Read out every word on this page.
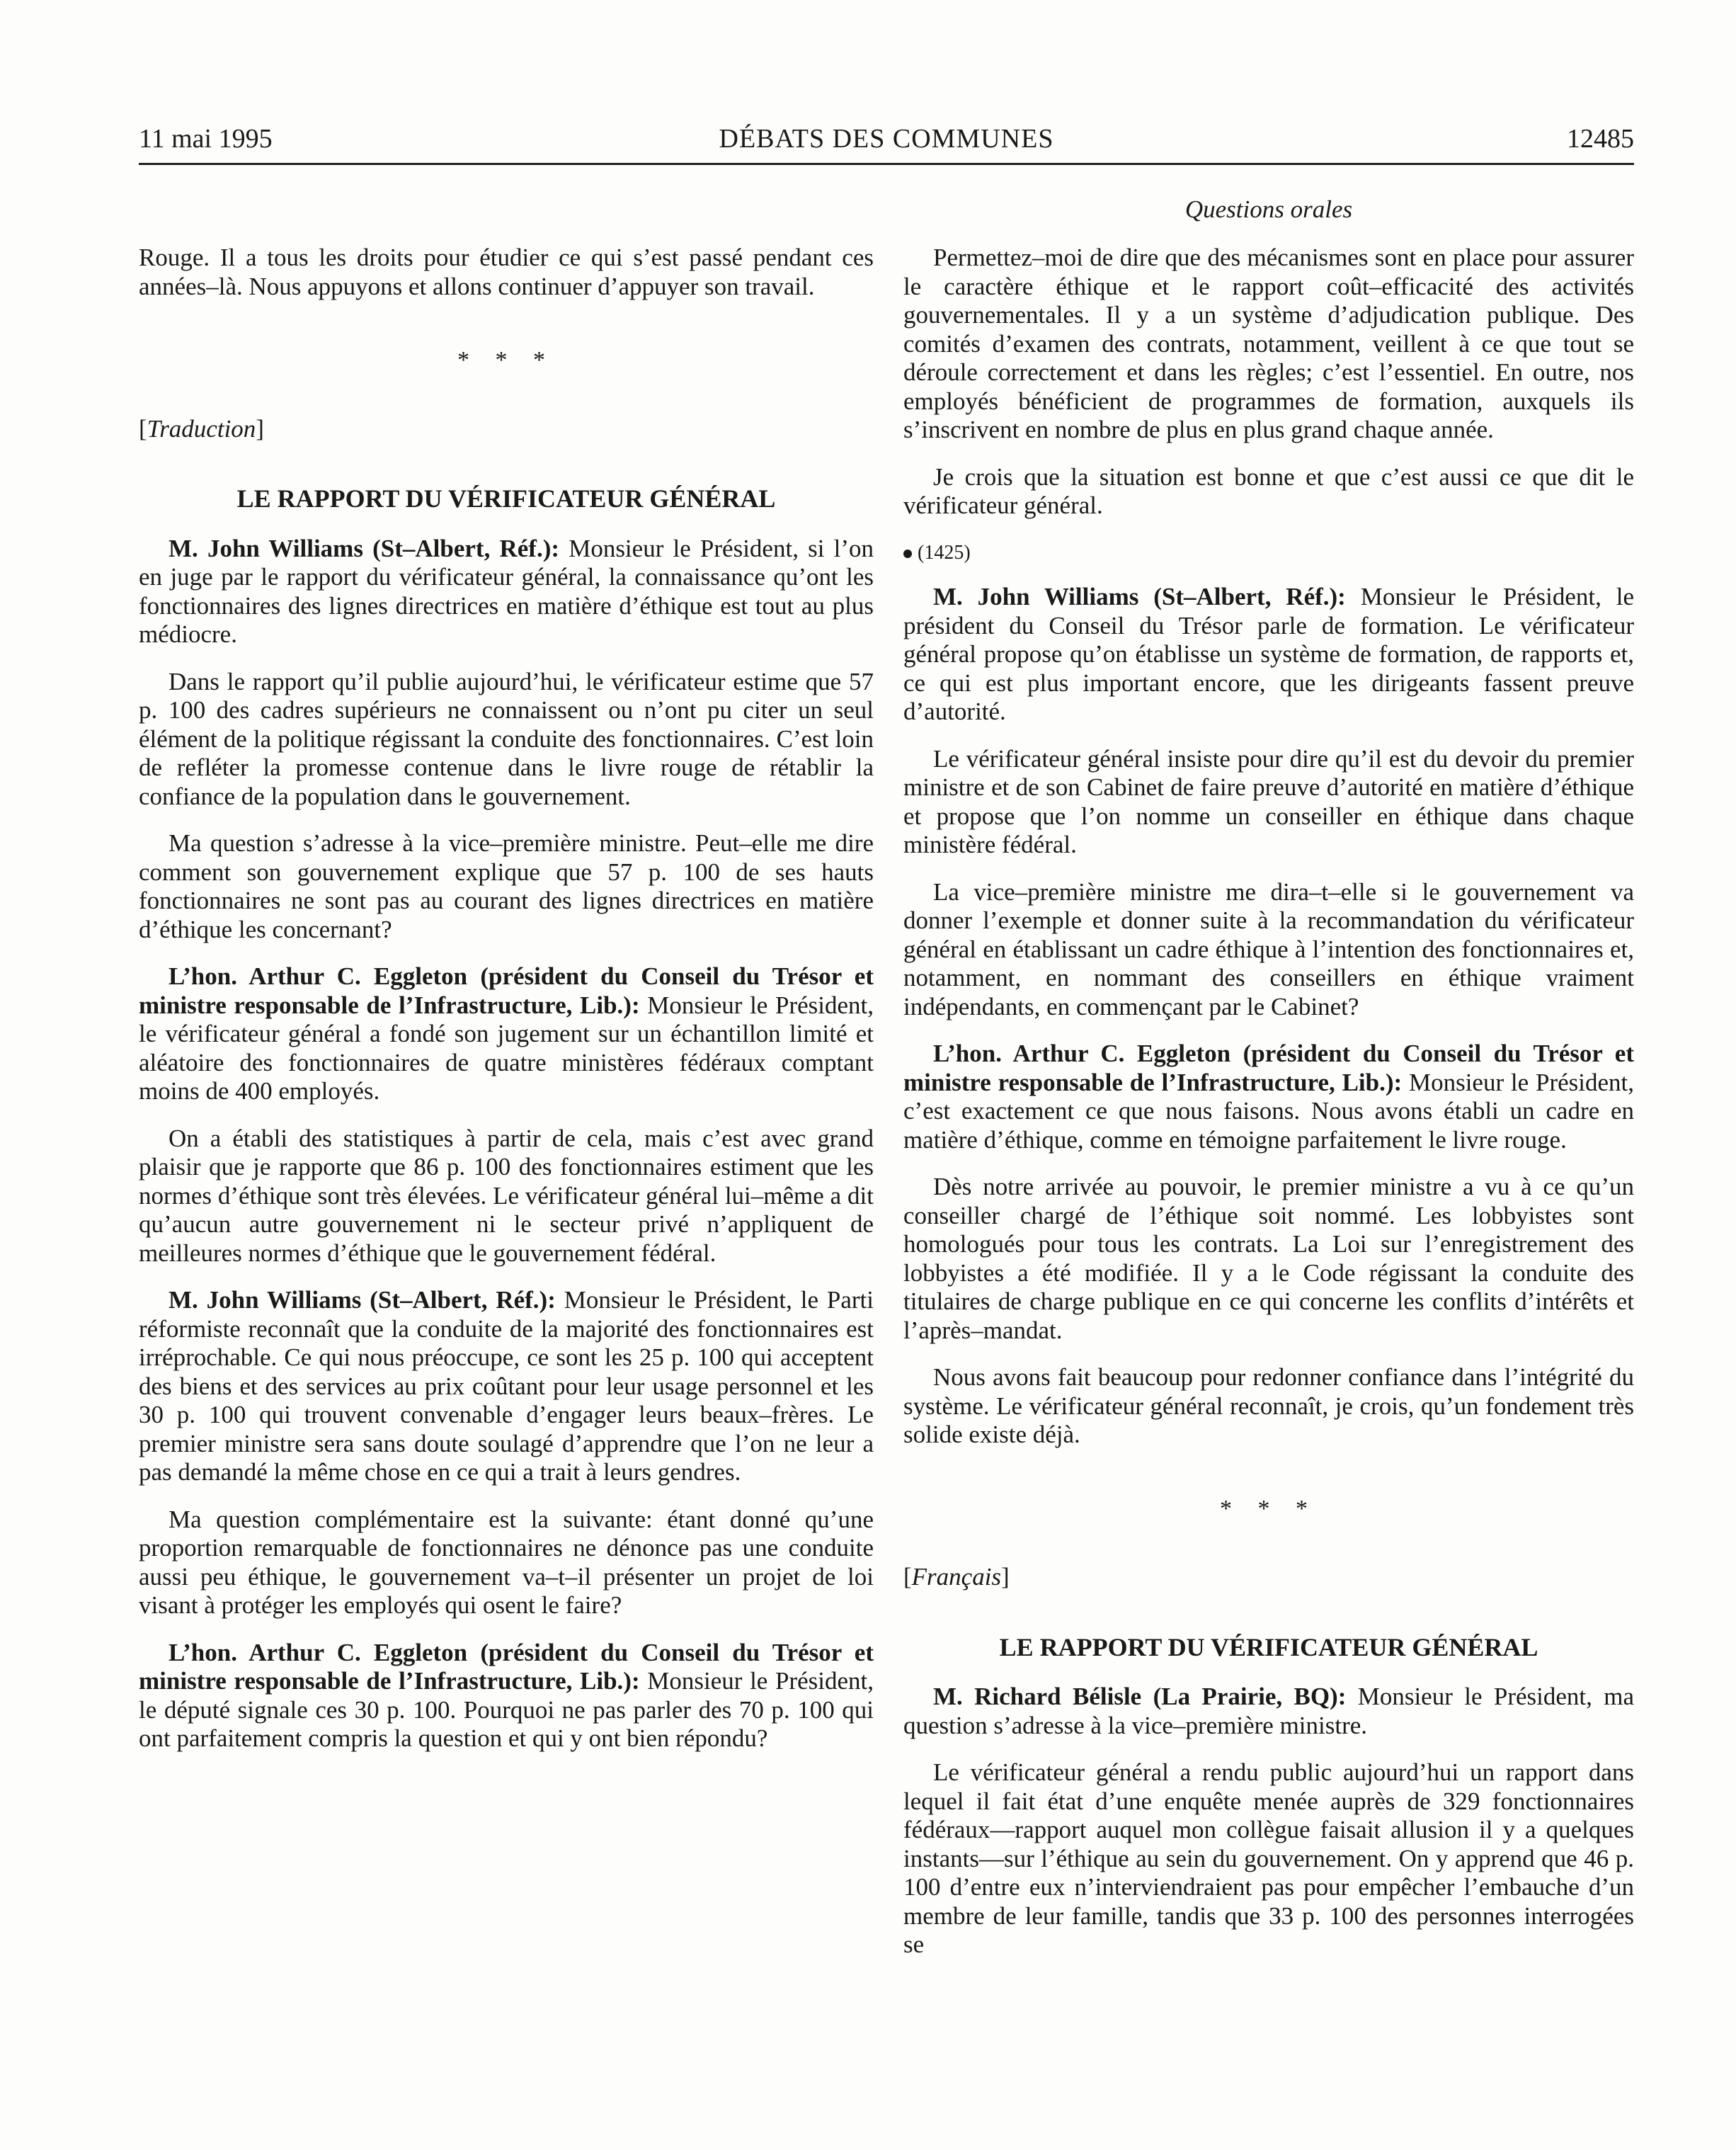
11 mai 1995	DÉBATS DES COMMUNES	12485
Questions orales

Rouge. Il a tous les droits pour étudier ce qui s’est passé pendant ces années–là. Nous appuyons et allons continuer d’appuyer son travail.

* * *
[Traduction]
LE RAPPORT DU VÉRIFICATEUR GÉNÉRAL

M. John Williams (St–Albert, Réf.): Monsieur le Président, si l’on en juge par le rapport du vérificateur général, la connaissance qu’ont les fonctionnaires des lignes directrices en matière d’éthique est tout au plus médiocre.

Dans le rapport qu’il publie aujourd’hui, le vérificateur estime que 57 p. 100 des cadres supérieurs ne connaissent ou n’ont pu citer un seul élément de la politique régissant la conduite des fonctionnaires. C’est loin de refléter la promesse contenue dans le livre rouge de rétablir la confiance de la population dans le gouvernement.

Ma question s’adresse à la vice–première ministre. Peut–elle me dire comment son gouvernement explique que 57 p. 100 de ses hauts fonctionnaires ne sont pas au courant des lignes directrices en matière d’éthique les concernant?

L’hon. Arthur C. Eggleton (président du Conseil du Trésor et ministre responsable de l’Infrastructure, Lib.): Monsieur le Président, le vérificateur général a fondé son jugement sur un échantillon limité et aléatoire des fonctionnaires de quatre ministères fédéraux comptant moins de 400 employés.

On a établi des statistiques à partir de cela, mais c’est avec grand plaisir que je rapporte que 86 p. 100 des fonctionnaires estiment que les normes d’éthique sont très élevées. Le vérificateur général lui–même a dit qu’aucun autre gouvernement ni le secteur privé n’appliquent de meilleures normes d’éthique que le gouvernement fédéral.

M. John Williams (St–Albert, Réf.): Monsieur le Président, le Parti réformiste reconnaît que la conduite de la majorité des fonctionnaires est irréprochable. Ce qui nous préoccupe, ce sont les 25 p. 100 qui acceptent des biens et des services au prix coûtant pour leur usage personnel et les 30 p. 100 qui trouvent convenable d’engager leurs beaux–frères. Le premier ministre sera sans doute soulagé d’apprendre que l’on ne leur a pas demandé la même chose en ce qui a trait à leurs gendres.

Ma question complémentaire est la suivante: étant donné qu’une proportion remarquable de fonctionnaires ne dénonce pas une conduite aussi peu éthique, le gouvernement va–t–il présenter un projet de loi visant à protéger les employés qui osent le faire?

L’hon. Arthur C. Eggleton (président du Conseil du Trésor et ministre responsable de l’Infrastructure, Lib.): Monsieur le Président, le député signale ces 30 p. 100. Pourquoi ne pas parler des 70 p. 100 qui ont parfaitement compris la question et qui y ont bien répondu?

Permettez–moi de dire que des mécanismes sont en place pour assurer le caractère éthique et le rapport coût–efficacité des activités gouvernementales. Il y a un système d’adjudication publique. Des comités d’examen des contrats, notamment, veillent à ce que tout se déroule correctement et dans les règles; c’est l’essentiel. En outre, nos employés bénéficient de programmes de formation, auxquels ils s’inscrivent en nombre de plus en plus grand chaque année.

Je crois que la situation est bonne et que c’est aussi ce que dit le vérificateur général.

(1425)

M. John Williams (St–Albert, Réf.): Monsieur le Président, le président du Conseil du Trésor parle de formation. Le vérificateur général propose qu’on établisse un système de formation, de rapports et, ce qui est plus important encore, que les dirigeants fassent preuve d’autorité.

Le vérificateur général insiste pour dire qu’il est du devoir du premier ministre et de son Cabinet de faire preuve d’autorité en matière d’éthique et propose que l’on nomme un conseiller en éthique dans chaque ministère fédéral.

La vice–première ministre me dira–t–elle si le gouvernement va donner l’exemple et donner suite à la recommandation du vérificateur général en établissant un cadre éthique à l’intention des fonctionnaires et, notamment, en nommant des conseillers en éthique vraiment indépendants, en commençant par le Cabinet?

L’hon. Arthur C. Eggleton (président du Conseil du Trésor et ministre responsable de l’Infrastructure, Lib.): Monsieur le Président, c’est exactement ce que nous faisons. Nous avons établi un cadre en matière d’éthique, comme en témoigne parfaitement le livre rouge.

Dès notre arrivée au pouvoir, le premier ministre a vu à ce qu’un conseiller chargé de l’éthique soit nommé. Les lobbyistes sont homologués pour tous les contrats. La Loi sur l’enregistrement des lobbyistes a été modifiée. Il y a le Code régissant la conduite des titulaires de charge publique en ce qui concerne les conflits d’intérêts et l’après–mandat.

Nous avons fait beaucoup pour redonner confiance dans l’intégrité du système. Le vérificateur général reconnaît, je crois, qu’un fondement très solide existe déjà.

* * *
[Français]
LE RAPPORT DU VÉRIFICATEUR GÉNÉRAL

M. Richard Bélisle (La Prairie, BQ): Monsieur le Président, ma question s’adresse à la vice–première ministre.

Le vérificateur général a rendu public aujourd’hui un rapport dans lequel il fait état d’une enquête menée auprès de 329 fonctionnaires fédéraux—rapport auquel mon collègue faisait allusion il y a quelques instants—sur l’éthique au sein du gouvernement. On y apprend que 46 p. 100 d’entre eux n’interviendraient pas pour empêcher l’embauche d’un membre de leur famille, tandis que 33 p. 100 des personnes interrogées se
